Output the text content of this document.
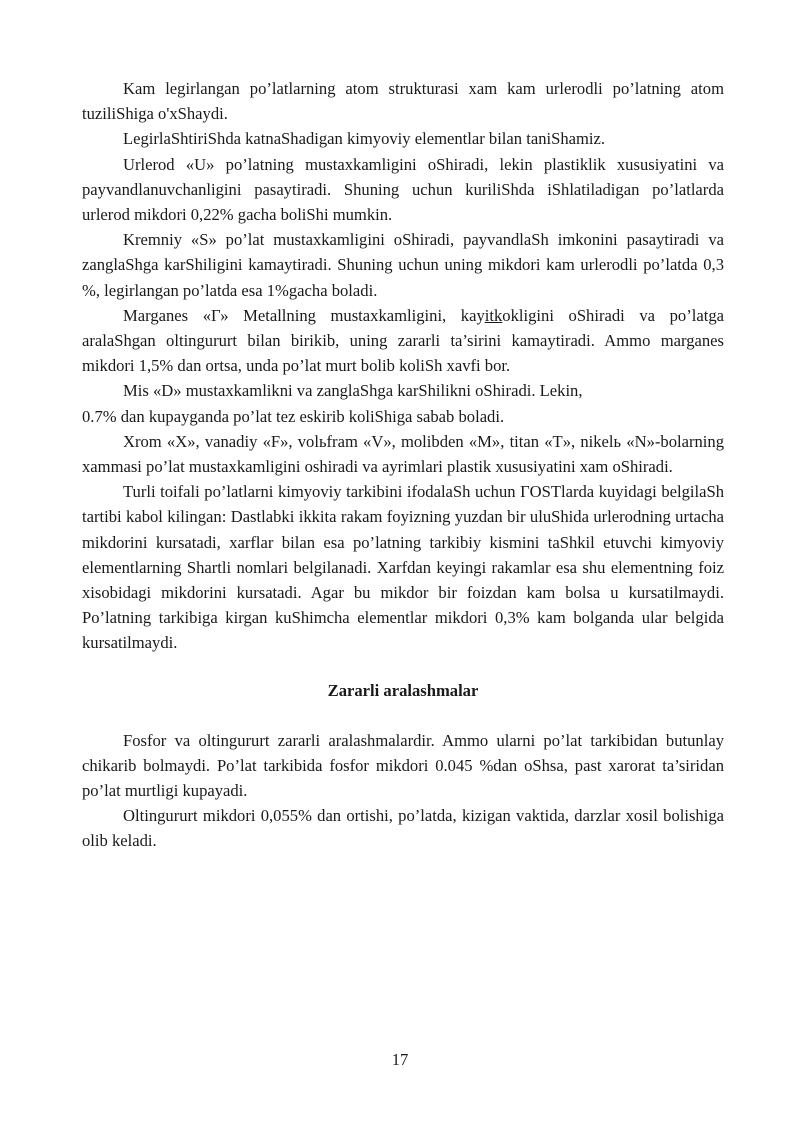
Kam legirlangan po’latlarning atom strukturasi xam kam urlerodli po’latning atom tuziliShiga o'xShaydi.

LegirlaShtiriShda katnaShadigan kimyoviy elementlar bilan taniShamiz.

Urlerod «U» po’latning mustaxkamligini oShiradi, lekin plastiklik xususiyatini va payvandlanuvchanligini pasaytiradi. Shuning uchun kuriliShda iShlatiladigan po’latlarda urlerod mikdori 0,22% gacha boliShi mumkin.

Kremniy «S» po’lat mustaxkamligini oShiradi, payvandlaSh imkonini pasaytiradi va zanglaShga karShiligini kamaytiradi. Shuning uchun uning mikdori kam urlerodli po’latda 0,3 %, legirlangan po’latda esa 1%gacha boladi.

Marganes «Г» Metallning mustaxkamligini, kayitkokligini oShiradi va po’latga aralaShgan oltingururt bilan birikib, uning zararli ta’sirini kamaytiradi. Ammo marganes mikdori 1,5% dan ortsa, unda po’lat murt bolib koliSh xavfi bor.

Mis «D» mustaxkamlikni va zanglaShga karShilikni oShiradi. Lekin,

0.7% dan kupayganda po’lat tez eskirib koliShiga sabab boladi.

Xrom «X», vanadiy «F», volьfram «V», molibden «M», titan «T», nikelь «N»-bolarning xammasi po’lat mustaxkamligini oshiradi va ayrimlari plastik xususiyatini xam oShiradi.

Turli toifali po’latlarni kimyoviy tarkibini ifodalaSh uchun ГOSTlarda kuyidagi belgilaSh tartibi kabol kilingan: Dastlabki ikkita rakam foyizning yuzdan bir uluShida urlerodning urtacha mikdorini kursatadi, xarflar bilan esa po’latning tarkibiy kismini taShkil etuvchi kimyoviy elementlarning Shartli nomlari belgilanadi. Xarfdan keyingi rakamlar esa shu elementning foiz xisobidagi mikdorini kursatadi. Agar bu mikdor bir foizdan kam bolsa u kursatilmaydi. Po’latning tarkibiga kirgan kuShimcha elementlar mikdori 0,3% kam bolganda ular belgida kursatilmaydi.

Zararli aralashmalar

Fosfor va oltingururt zararli aralashmalardir. Ammo ularni po’lat tarkibidan butunlay chikarib bolmaydi. Po’lat tarkibida fosfor mikdori 0.045 %dan oShsa, past xarorat ta’siridan po’lat murtligi kupayadi.

Oltingururt mikdori 0,055% dan ortishi, po’latda, kizigan vaktida, darzlar xosil bolishiga olib keladi.

17
